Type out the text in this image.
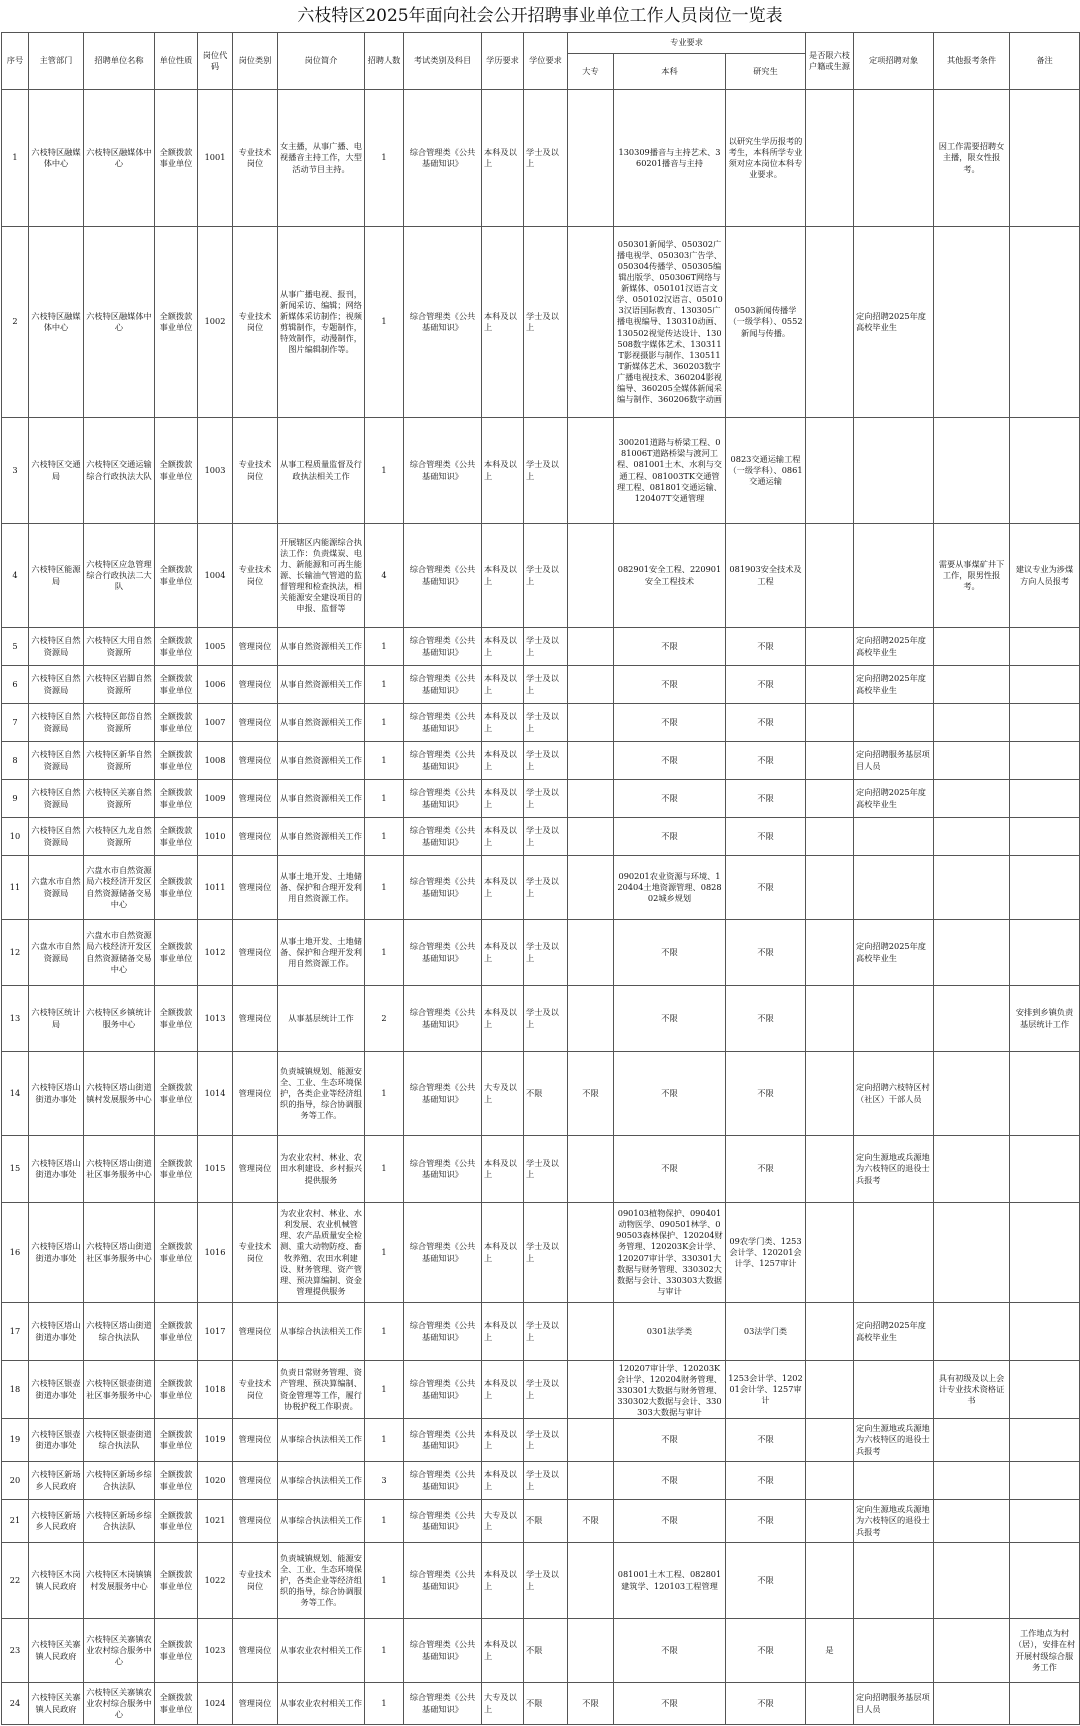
六枝特区2025年面向社会公开招聘事业单位工作人员岗位一览表
序号	主管部门	招聘单位名称	单位性质	岗位代码	岗位类别	岗位简介	招聘人数	考试类别及科目	学历要求	学位要求	专业要求			是否限六枝户籍或生源	定项招聘对象	其他报考条件	备注
											大专	本科	研究生				

1	六枝特区融媒体中心	六枝特区融媒体中心	全额拨款事业单位	1001	专业技术岗位	女主播，从事广播、电视播音主持工作，大型活动节目主持。	1	综合管理类《公共基础知识》	本科及以上	学士及以上		130309播音与主持艺术、360201播音与主持	以研究生学历报考的考生，本科所学专业须对应本岗位本科专业要求。			因工作需要招聘女主播，限女性报考。	

2	六枝特区融媒体中心	六枝特区融媒体中心	全额拨款事业单位	1002	专业技术岗位	从事广播电视、报刊，新闻采访、编辑；网络新媒体采访制作；视频剪辑制作，专题制作，特效制作，动漫制作，图片编辑制作等。	1	综合管理类《公共基础知识》	本科及以上	学士及以上		050301新闻学、050302广播电视学、050303广告学、050304传播学、050305编辑出版学、050306T网络与新媒体、050101汉语言文学、050102汉语言、050103汉语国际教育、130305广播电视编导、130310动画、130502视觉传达设计、130508数字媒体艺术、130311T影视摄影与制作、130511T新媒体艺术、360203数字广播电视技术、360204影视编导、360205全媒体新闻采编与制作、360206数字动画	0503新闻传播学（一级学科）、0552新闻与传播。		定向招聘2025年度高校毕业生		

3	六枝特区交通局	六枝特区交通运输综合行政执法大队	全额拨款事业单位	1003	专业技术岗位	从事工程质量监督及行政执法相关工作	1	综合管理类《公共基础知识》	本科及以上	学士及以上		300201道路与桥梁工程、081006T道路桥梁与渡河工程、081001土木、水利与交通工程、081003TK交通管理工程、081801交通运输、120407T交通管理	0823交通运输工程（一级学科）、0861交通运输				

4	六枝特区能源局	六枝特区应急管理综合行政执法二大队	全额拨款事业单位	1004	专业技术岗位	开展辖区内能源综合执法工作：负责煤炭、电力、新能源和可再生能源、长输油气管道的监督管理和检查执法，相关能源安全建设项目的申报、监督等	4	综合管理类《公共基础知识》	本科及以上	学士及以上		082901安全工程、220901安全工程技术	081903安全技术及工程			需要从事煤矿井下工作，限男性报考。	建议专业为涉煤方向人员报考

5	六枝特区自然资源局	六枝特区大用自然资源所	全额拨款事业单位	1005	管理岗位	从事自然资源相关工作	1	综合管理类《公共基础知识》	本科及以上	学士及以上		不限	不限		定向招聘2025年度高校毕业生		

6	六枝特区自然资源局	六枝特区岩脚自然资源所	全额拨款事业单位	1006	管理岗位	从事自然资源相关工作	1	综合管理类《公共基础知识》	本科及以上	学士及以上		不限	不限		定向招聘2025年度高校毕业生		

7	六枝特区自然资源局	六枝特区郎岱自然资源所	全额拨款事业单位	1007	管理岗位	从事自然资源相关工作	1	综合管理类《公共基础知识》	本科及以上	学士及以上		不限	不限				

8	六枝特区自然资源局	六枝特区新华自然资源所	全额拨款事业单位	1008	管理岗位	从事自然资源相关工作	1	综合管理类《公共基础知识》	本科及以上	学士及以上		不限	不限		定向招聘服务基层项目人员		

9	六枝特区自然资源局	六枝特区关寨自然资源所	全额拨款事业单位	1009	管理岗位	从事自然资源相关工作	1	综合管理类《公共基础知识》	本科及以上	学士及以上		不限	不限		定向招聘2025年度高校毕业生		

10	六枝特区自然资源局	六枝特区九龙自然资源所	全额拨款事业单位	1010	管理岗位	从事自然资源相关工作	1	综合管理类《公共基础知识》	本科及以上	学士及以上		不限	不限				

11	六盘水市自然资源局	六盘水市自然资源局六枝经济开发区自然资源储备交易中心	全额拨款事业单位	1011	管理岗位	从事土地开发、土地储备、保护和合理开发利用自然资源工作。	1	综合管理类《公共基础知识》	本科及以上	学士及以上		090201农业资源与环境、120404土地资源管理、082802城乡规划	不限				

12	六盘水市自然资源局	六盘水市自然资源局六枝经济开发区自然资源储备交易中心	全额拨款事业单位	1012	管理岗位	从事土地开发、土地储备、保护和合理开发利用自然资源工作。	1	综合管理类《公共基础知识》	本科及以上	学士及以上		不限	不限		定向招聘2025年度高校毕业生		

13	六枝特区统计局	六枝特区乡镇统计服务中心	全额拨款事业单位	1013	管理岗位	从事基层统计工作	2	综合管理类《公共基础知识》	本科及以上	学士及以上		不限	不限				安排到乡镇负责基层统计工作

14	六枝特区塔山街道办事处	六枝特区塔山街道镇村发展服务中心	全额拨款事业单位	1014	管理岗位	负责城镇规划、能源安全、工业、生态环境保护，各类企业等经济组织的指导，综合协调服务等工作。	1	综合管理类《公共基础知识》	大专及以上	不限	不限	不限	不限		定向招聘六枝特区村（社区）干部人员		

15	六枝特区塔山街道办事处	六枝特区塔山街道社区事务服务中心	全额拨款事业单位	1015	管理岗位	为农业农村、林业、农田水利建设、乡村振兴提供服务	1	综合管理类《公共基础知识》	本科及以上	学士及以上		不限	不限		定向生源地或兵源地为六枝特区的退役士兵报考		

16	六枝特区塔山街道办事处	六枝特区塔山街道社区事务服务中心	全额拨款事业单位	1016	专业技术岗位	为农业农村、林业、水利发展、农业机械管理、农产品质量安全检测、重大动物防疫、畜牧养殖、农田水利建设、财务管理、资产管理、预决算编制、资金管理提供服务	1	综合管理类《公共基础知识》	本科及以上	学士及以上		090103植物保护、090401动物医学、090501林学、090503森林保护、120204财务管理、120203K会计学、120207审计学、330301大数据与财务管理、330302大数据与会计、330303大数据与审计	09农学门类、1253会计学、120201会计学、1257审计				

17	六枝特区塔山街道办事处	六枝特区塔山街道综合执法队	全额拨款事业单位	1017	管理岗位	从事综合执法相关工作	1	综合管理类《公共基础知识》	本科及以上	学士及以上		0301法学类	03法学门类		定向招聘2025年度高校毕业生		

18	六枝特区银壶街道办事处	六枝特区银壶街道社区事务服务中心	全额拨款事业单位	1018	专业技术岗位	负责日常财务管理、资产管理、预决算编制、资金管理等工作，履行协税护税工作职责。	1	综合管理类《公共基础知识》	本科及以上	学士及以上		120207审计学、120203K会计学、120204财务管理、330301大数据与财务管理、330302大数据与会计、330303大数据与审计	1253会计学、120201会计学、1257审计			具有初级及以上会计专业技术资格证书	

19	六枝特区银壶街道办事处	六枝特区银壶街道综合执法队	全额拨款事业单位	1019	管理岗位	从事综合执法相关工作	1	综合管理类《公共基础知识》	本科及以上	学士及以上		不限	不限		定向生源地或兵源地为六枝特区的退役士兵报考		

20	六枝特区新场乡人民政府	六枝特区新场乡综合执法队	全额拨款事业单位	1020	管理岗位	从事综合执法相关工作	3	综合管理类《公共基础知识》	本科及以上	学士及以上		不限	不限				

21	六枝特区新场乡人民政府	六枝特区新场乡综合执法队	全额拨款事业单位	1021	管理岗位	从事综合执法相关工作	1	综合管理类《公共基础知识》	大专及以上	不限	不限	不限	不限		定向生源地或兵源地为六枝特区的退役士兵报考		

22	六枝特区木岗镇人民政府	六枝特区木岗镇镇村发展服务中心	全额拨款事业单位	1022	专业技术岗位	负责城镇规划、能源安全、工业、生态环境保护，各类企业等经济组织的指导，综合协调服务等工作。	1	综合管理类《公共基础知识》	本科及以上	学士及以上		081001土木工程、082801建筑学、120103工程管理	不限				

23	六枝特区关寨镇人民政府	六枝特区关寨镇农业农村综合服务中心	全额拨款事业单位	1023	管理岗位	从事农业农村相关工作	1	综合管理类《公共基础知识》	本科及以上	不限		不限	不限	是			工作地点为村（居），安排在村开展村级综合服务工作

24	六枝特区关寨镇人民政府	六枝特区关寨镇农业农村综合服务中心	全额拨款事业单位	1024	管理岗位	从事农业农村相关工作	1	综合管理类《公共基础知识》	大专及以上	不限	不限	不限	不限		定向招聘服务基层项目人员		
